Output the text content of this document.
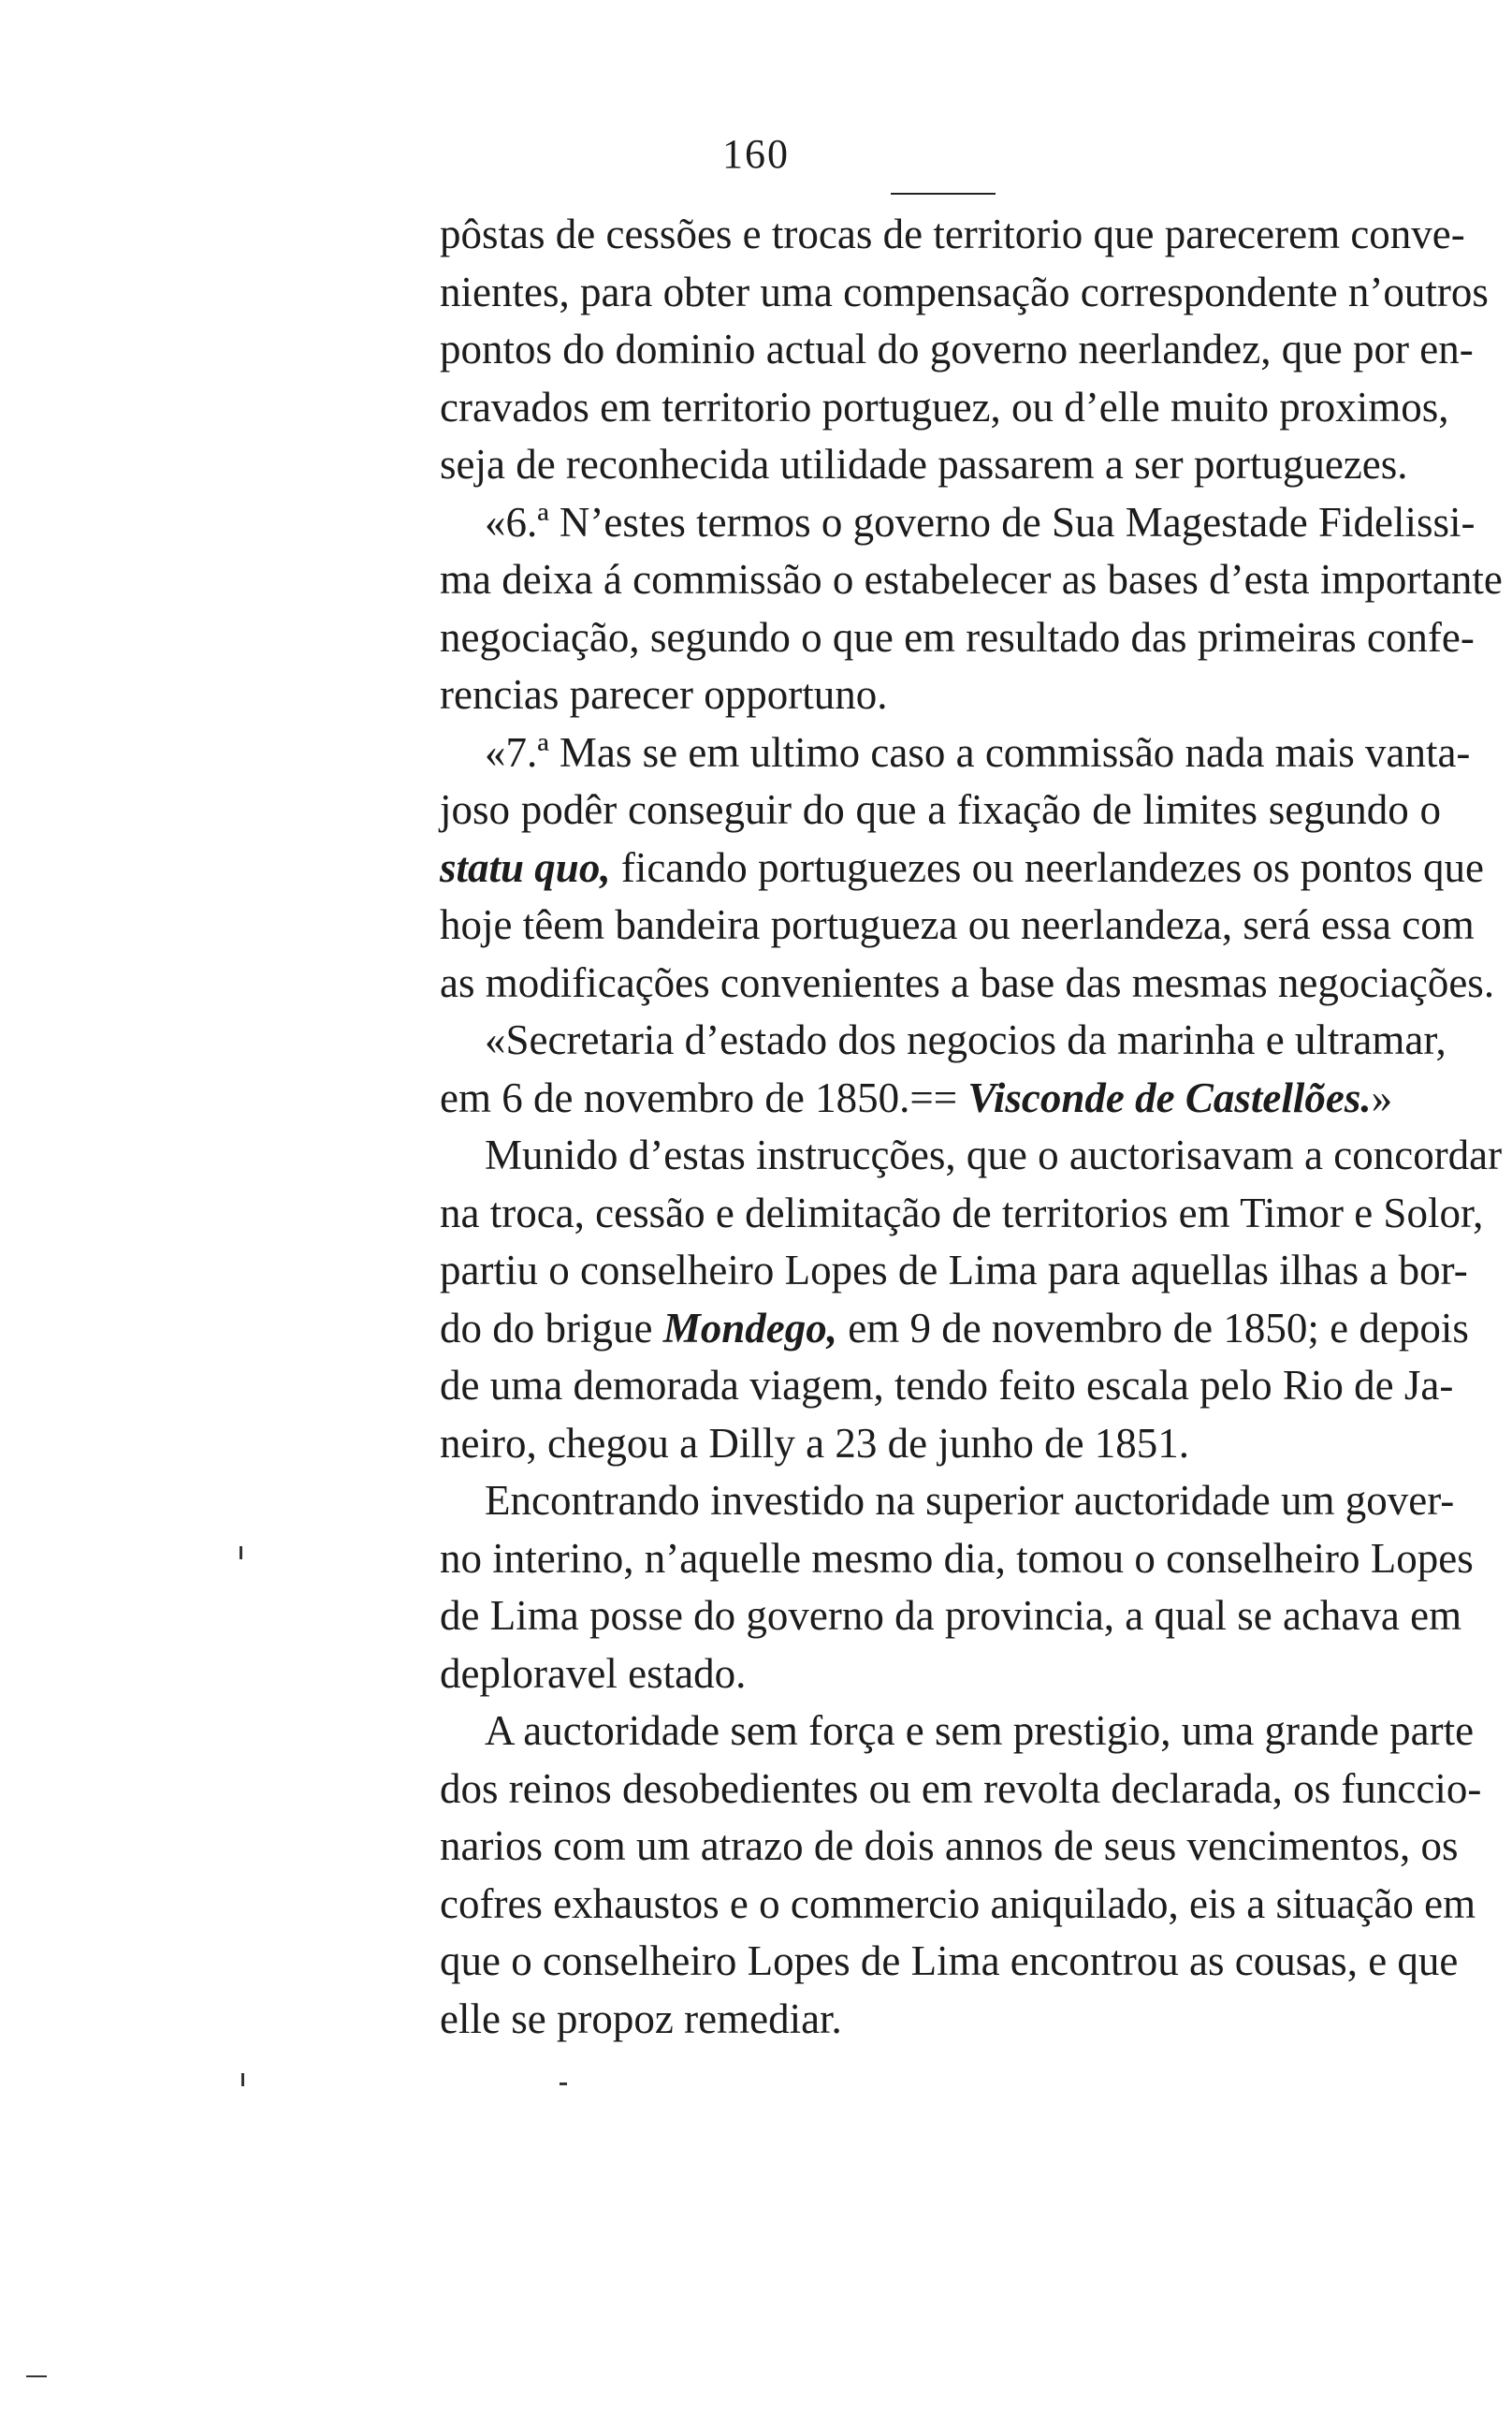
160
pôstas de cessões e trocas de territorio que parecerem conve-
nientes, para obter uma compensação correspondente n’outros
pontos do dominio actual do governo neerlandez, que por en-
cravados em territorio portuguez, ou d’elle muito proximos,
seja de reconhecida utilidade passarem a ser portuguezes.
«6.ª N’estes termos o governo de Sua Magestade Fidelissi-
ma deixa á commissão o estabelecer as bases d’esta importante
negociação, segundo o que em resultado das primeiras confe-
rencias parecer opportuno.
«7.ª Mas se em ultimo caso a commissão nada mais vanta-
joso podêr conseguir do que a fixação de limites segundo o
statu quo, ficando portuguezes ou neerlandezes os pontos que
hoje têem bandeira portugueza ou neerlandeza, será essa com
as modificações convenientes a base das mesmas negociações.
«Secretaria d’estado dos negocios da marinha e ultramar,
em 6 de novembro de 1850.== Visconde de Castellões.»
Munido d’estas instrucções, que o auctorisavam a concordar
na troca, cessão e delimitação de territorios em Timor e Solor,
partiu o conselheiro Lopes de Lima para aquellas ilhas a bor-
do do brigue Mondego, em 9 de novembro de 1850; e depois
de uma demorada viagem, tendo feito escala pelo Rio de Ja-
neiro, chegou a Dilly a 23 de junho de 1851.
Encontrando investido na superior auctoridade um gover-
no interino, n’aquelle mesmo dia, tomou o conselheiro Lopes
de Lima posse do governo da provincia, a qual se achava em
deploravel estado.
A auctoridade sem força e sem prestigio, uma grande parte
dos reinos desobedientes ou em revolta declarada, os funccio-
narios com um atrazo de dois annos de seus vencimentos, os
cofres exhaustos e o commercio aniquilado, eis a situação em
que o conselheiro Lopes de Lima encontrou as cousas, e que
elle se propoz remediar.
